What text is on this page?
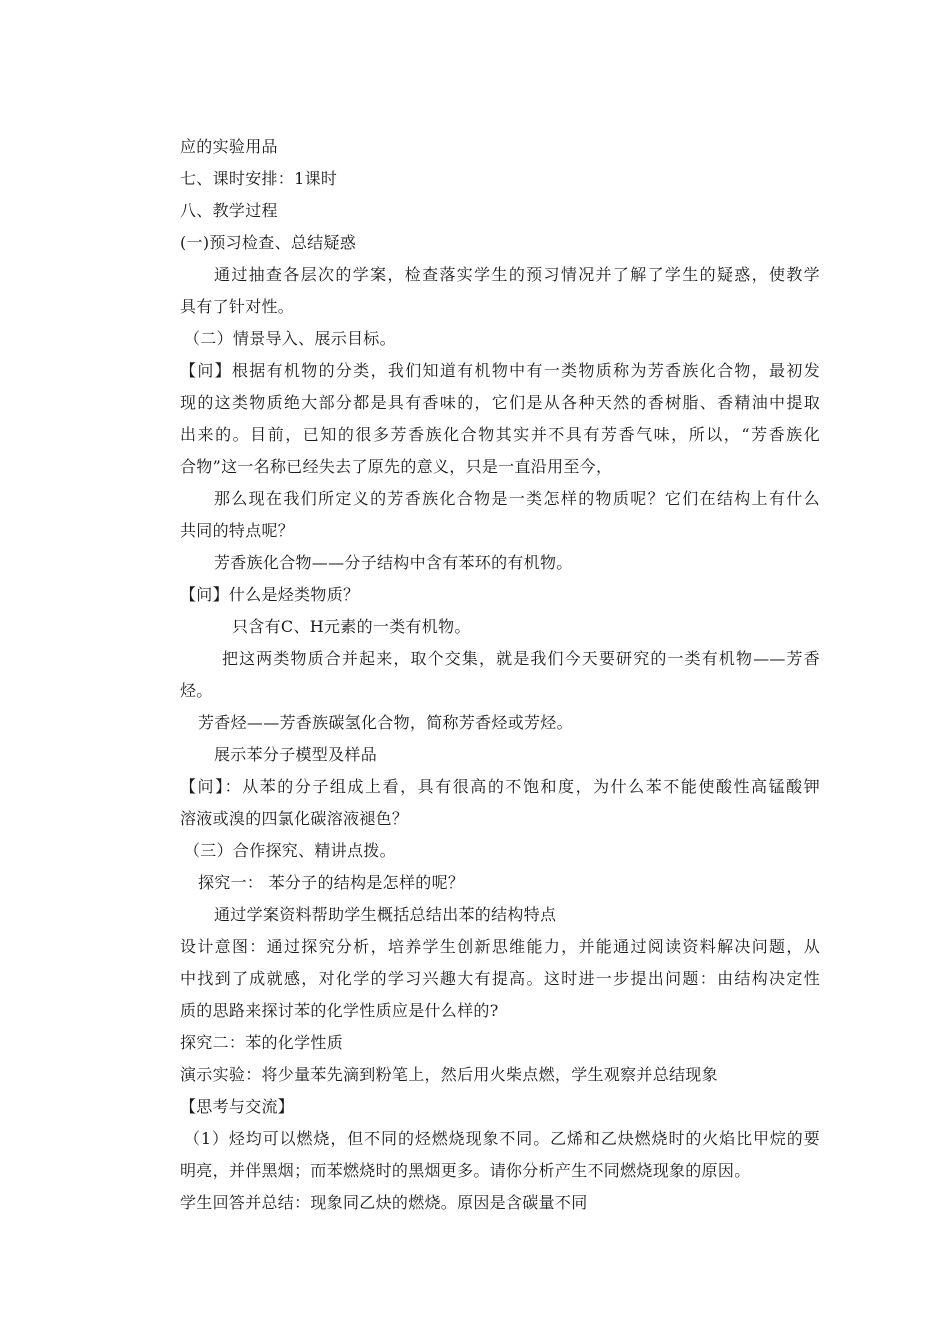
应的实验用品
七、课时安排：1课时
八、教学过程
(一)预习检查、总结疑惑
通过抽查各层次的学案，检查落实学生的预习情况并了解了学生的疑惑，使教学
具有了针对性。
（二）情景导入、展示目标。
【问】根据有机物的分类，我们知道有机物中有一类物质称为芳香族化合物，最初发
现的这类物质绝大部分都是具有香味的，它们是从各种天然的香树脂、香精油中提取
出来的。目前，已知的很多芳香族化合物其实并不具有芳香气味，所以，“芳香族化
合物”这一名称已经失去了原先的意义，只是一直沿用至今，
那么现在我们所定义的芳香族化合物是一类怎样的物质呢？它们在结构上有什么
共同的特点呢？
芳香族化合物——分子结构中含有苯环的有机物。
【问】什么是烃类物质？
只含有C、H元素的一类有机物。
把这两类物质合并起来，取个交集，就是我们今天要研究的一类有机物——芳香
烃。
芳香烃——芳香族碳氢化合物，简称芳香烃或芳烃。
展示苯分子模型及样品
【问】：从苯的分子组成上看，具有很高的不饱和度，为什么苯不能使酸性高锰酸钾
溶液或溴的四氯化碳溶液褪色？
（三）合作探究、精讲点拨。
探究一： 苯分子的结构是怎样的呢？
通过学案资料帮助学生概括总结出苯的结构特点
设计意图：通过探究分析，培养学生创新思维能力，并能通过阅读资料解决问题，从
中找到了成就感，对化学的学习兴趣大有提高。这时进一步提出问题：由结构决定性
质的思路来探讨苯的化学性质应是什么样的?
探究二：苯的化学性质
演示实验：将少量苯先滴到粉笔上，然后用火柴点燃，学生观察并总结现象
【思考与交流】
（1）烃均可以燃烧，但不同的烃燃烧现象不同。乙烯和乙炔燃烧时的火焰比甲烷的要
明亮，并伴黑烟；而苯燃烧时的黑烟更多。请你分析产生不同燃烧现象的原因。
学生回答并总结：现象同乙炔的燃烧。原因是含碳量不同
